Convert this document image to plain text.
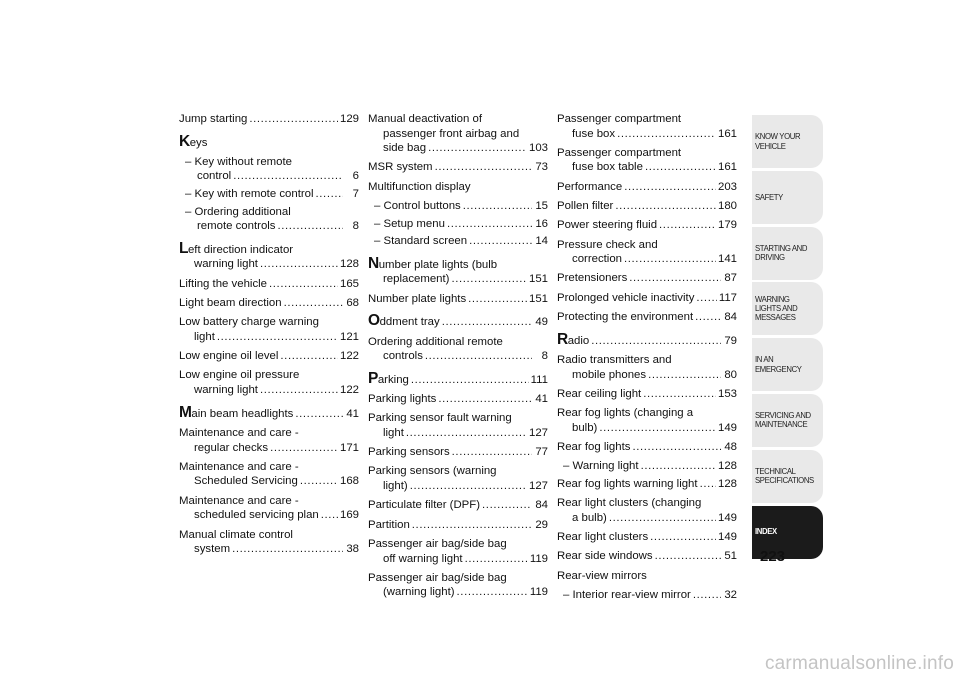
Jump starting .....	129
Keys
– Key without remote
control .....	6
– Key with remote control .....	7
– Ordering additional
remote controls .....	8
Left direction indicator
warning light .....	128
Lifting the vehicle .....	165
Light beam direction .....	68
Low battery charge warning
light .....	121
Low engine oil level .....	122
Low engine oil pressure
warning light .....	122
Main beam headlights .....	41
Maintenance and care -
regular checks .....	171
Maintenance and care -
Scheduled Servicing .....	168
Maintenance and care -
scheduled servicing plan ..... 169
Manual climate control
system .....	38
Manual deactivation of
passenger front airbag and
side bag .....	103
MSR system .....	73
Multifunction display
– Control buttons .....	15
– Setup menu .....	16
– Standard screen .....	14
Number plate lights (bulb
replacement) .....	151
Number plate lights .....	151
Oddment tray .....	49
Ordering additional remote
controls .....	8
Parking .....	111
Parking lights .....	41
Parking sensor fault warning
light .....	127
Parking sensors .....	77
Parking sensors (warning
light) .....	127
Particulate filter (DPF) .....	84
Partition .....	29
Passenger air bag/side bag
off warning light .....	119
Passenger air bag/side bag
(warning light) .....	119
Passenger compartment
fuse box .....	161
Passenger compartment
fuse box table .....	161
Performance .....	203
Pollen filter .....	180
Power steering fluid .....	179
Pressure check and
correction .....	141
Pretensioners .....	87
Prolonged vehicle inactivity ..... 117
Protecting the environment .....	84
Radio .....	79
Radio transmitters and
mobile phones .....	80
Rear ceiling light .....	153
Rear fog lights (changing a
bulb) .....	149
Rear fog lights .....	48
– Warning light .....	128
Rear fog lights warning light ..... 128
Rear light clusters (changing
a bulb) .....	149
Rear light clusters .....	149
Rear side windows .....	51
Rear-view mirrors
– Interior rear-view mirror .....	32
KNOW YOUR VEHICLE
SAFETY
STARTING AND DRIVING
WARNING LIGHTS AND MESSAGES
IN AN EMERGENCY
SERVICING AND MAINTENANCE
TECHNICAL SPECIFICATIONS
INDEX
223
carmanualsonline.info
